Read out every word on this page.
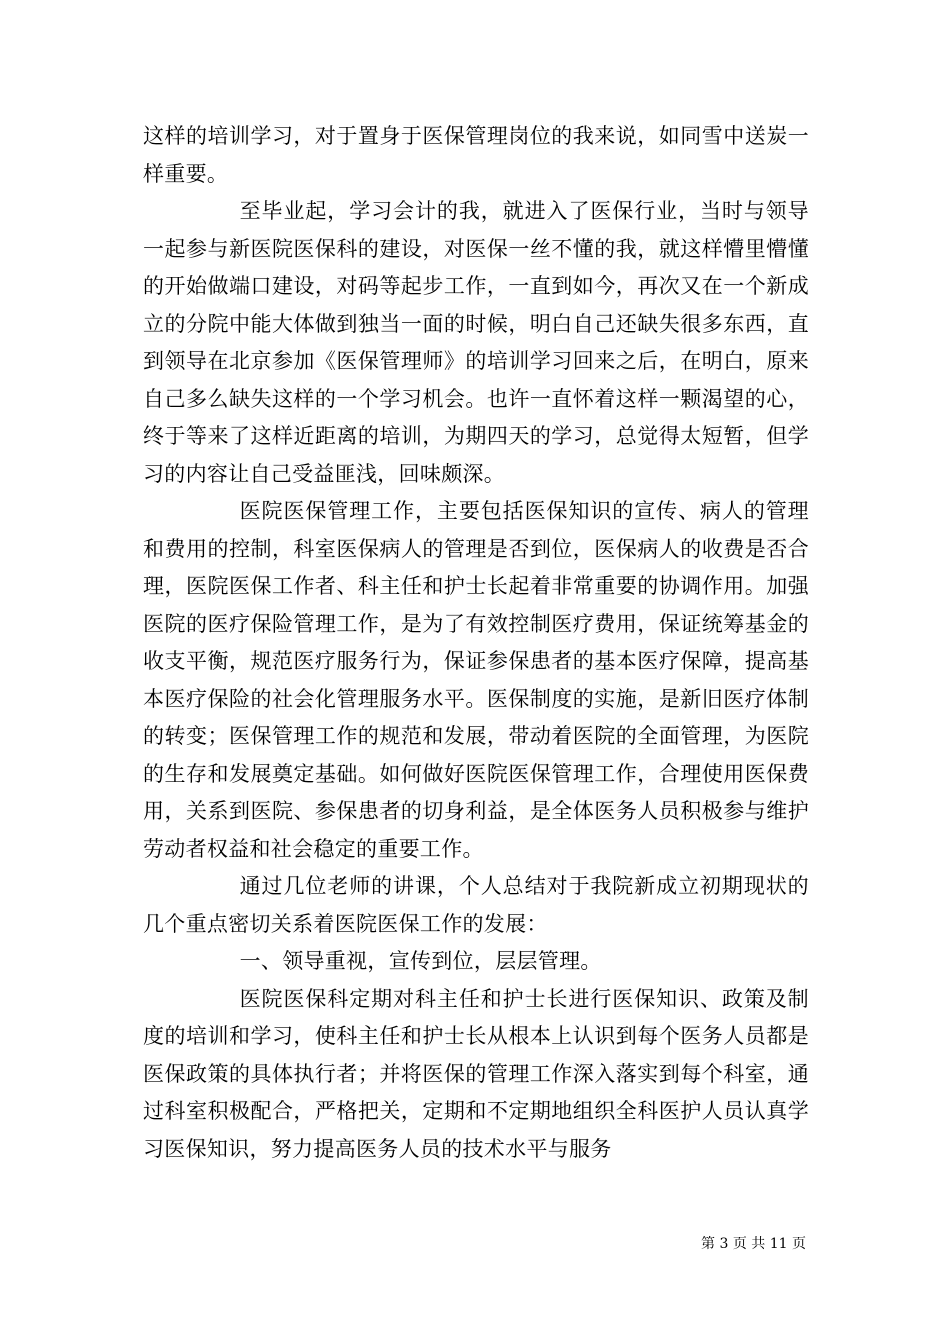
这样的培训学习，对于置身于医保管理岗位的我来说，如同雪中送炭一样重要。

至毕业起，学习会计的我，就进入了医保行业，当时与领导一起参与新医院医保科的建设，对医保一丝不懂的我，就这样懵里懵懂的开始做端口建设，对码等起步工作，一直到如今，再次又在一个新成立的分院中能大体做到独当一面的时候，明白自己还缺失很多东西，直到领导在北京参加《医保管理师》的培训学习回来之后，在明白，原来自己多么缺失这样的一个学习机会。也许一直怀着这样一颗渴望的心，终于等来了这样近距离的培训，为期四天的学习，总觉得太短暂，但学习的内容让自己受益匪浅，回味颇深。

医院医保管理工作，主要包括医保知识的宣传、病人的管理和费用的控制，科室医保病人的管理是否到位，医保病人的收费是否合理，医院医保工作者、科主任和护士长起着非常重要的协调作用。加强医院的医疗保险管理工作，是为了有效控制医疗费用，保证统筹基金的收支平衡，规范医疗服务行为，保证参保患者的基本医疗保障，提高基本医疗保险的社会化管理服务水平。医保制度的实施，是新旧医疗体制的转变；医保管理工作的规范和发展，带动着医院的全面管理，为医院的生存和发展奠定基础。如何做好医院医保管理工作，合理使用医保费用，关系到医院、参保患者的切身利益，是全体医务人员积极参与维护劳动者权益和社会稳定的重要工作。

通过几位老师的讲课，个人总结对于我院新成立初期现状的几个重点密切关系着医院医保工作的发展：

一、领导重视，宣传到位，层层管理。

医院医保科定期对科主任和护士长进行医保知识、政策及制度的培训和学习，使科主任和护士长从根本上认识到每个医务人员都是医保政策的具体执行者；并将医保的管理工作深入落实到每个科室，通过科室积极配合，严格把关，定期和不定期地组织全科医护人员认真学习医保知识，努力提高医务人员的技术水平与服务

第 3 页 共 11 页
